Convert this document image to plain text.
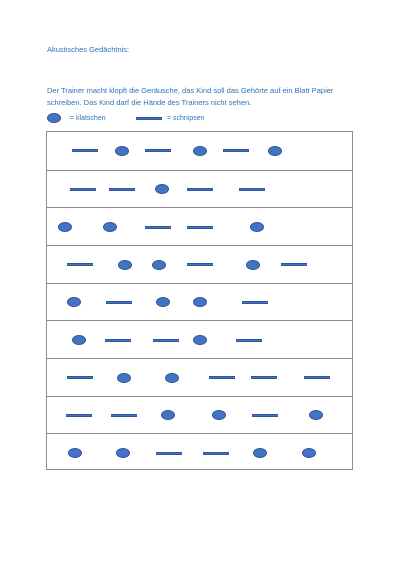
Akustisches Gedächtnis:
Der Trainer macht klopft die Geräusche, das Kind soll das Gehörte auf ein Blatt Papier schreiben. Das Kind darf die Hände des Trainers nicht sehen.
= klatschen	= schnipsen
